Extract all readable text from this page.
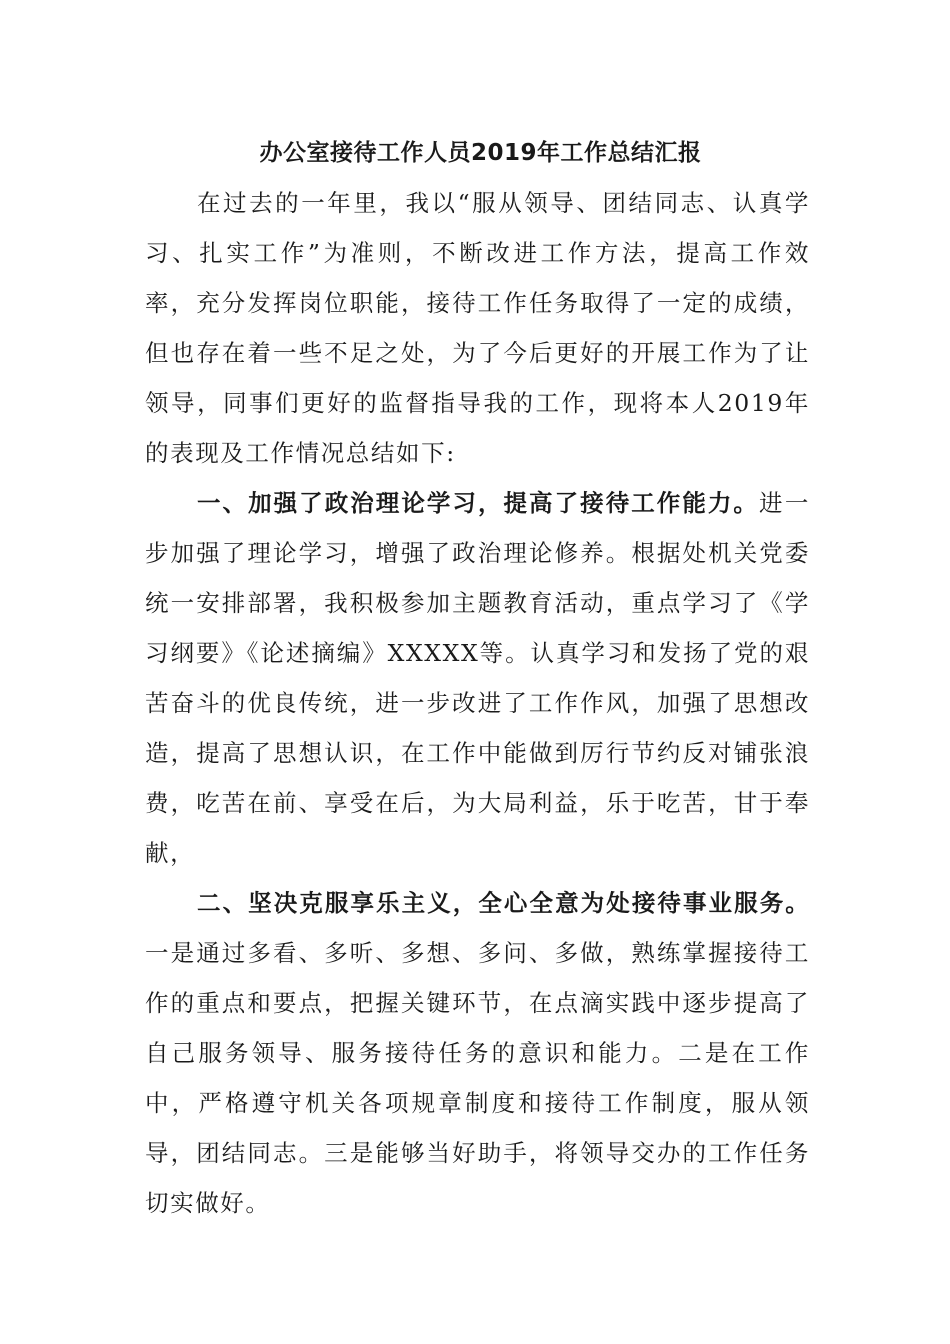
办公室接待工作人员2019年工作总结汇报

在过去的一年里，我以“服从领导、团结同志、认真学习、扎实工作”为准则，不断改进工作方法，提高工作效率，充分发挥岗位职能，接待工作任务取得了一定的成绩，但也存在着一些不足之处，为了今后更好的开展工作为了让领导，同事们更好的监督指导我的工作，现将本人2019年的表现及工作情况总结如下:

一、加强了政治理论学习，提高了接待工作能力。进一步加强了理论学习，增强了政治理论修养。根据处机关党委统一安排部署，我积极参加主题教育活动，重点学习了《学习纲要》《论述摘编》XXXXX等。认真学习和发扬了党的艰苦奋斗的优良传统，进一步改进了工作作风，加强了思想改造，提高了思想认识，在工作中能做到厉行节约反对铺张浪费，吃苦在前、享受在后，为大局利益，乐于吃苦，甘于奉献，

二、坚决克服享乐主义，全心全意为处接待事业服务。一是通过多看、多听、多想、多问、多做，熟练掌握接待工作的重点和要点，把握关键环节，在点滴实践中逐步提高了自己服务领导、服务接待任务的意识和能力。二是在工作中，严格遵守机关各项规章制度和接待工作制度，服从领导，团结同志。三是能够当好助手，将领导交办的工作任务切实做好。
